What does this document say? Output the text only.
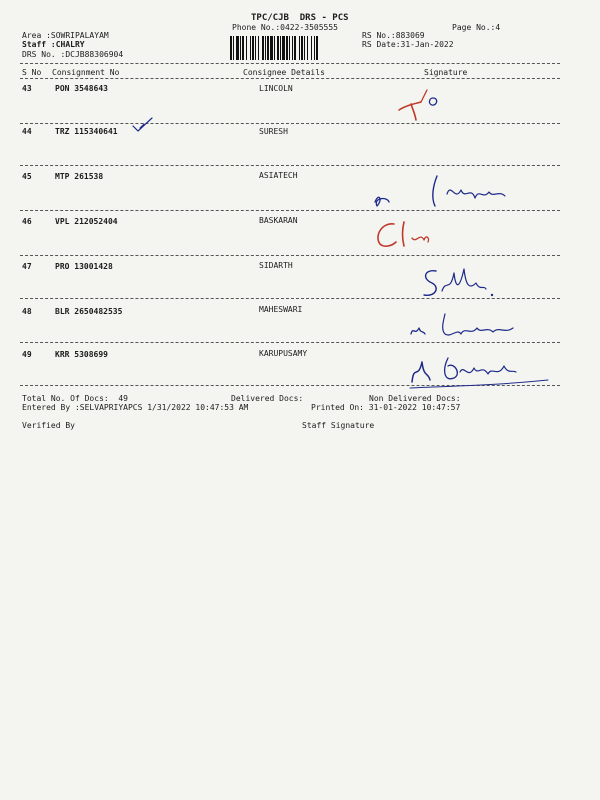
TPC/CJB  DRS - PCS
Phone No.:0422-3505555	Page No.:4
Area :SOWRIPALAYAM
Staff :CHALRY
DRS No. :DCJB88306904
RS No.:883069
RS Date:31-Jan-2022
S No Consignment No	Consignee Details	Signature
43	PON 3548643	LINCOLN
44	TRZ 115340641	SURESH
45	MTP 261538	ASIATECH
46	VPL 212052404	BASKARAN
47	PRO 13001428	SIDARTH
48	BLR 2650482535	MAHESWARI
49	KRR 5308699	KARUPUSAMY
Total No. Of Docs:  49	Delivered Docs:	Non Delivered Docs:
Entered By :SELVAPRIYAPCS 1/31/2022 10:47:53 AM	Printed On: 31-01-2022 10:47:57
Verified By	Staff Signature
